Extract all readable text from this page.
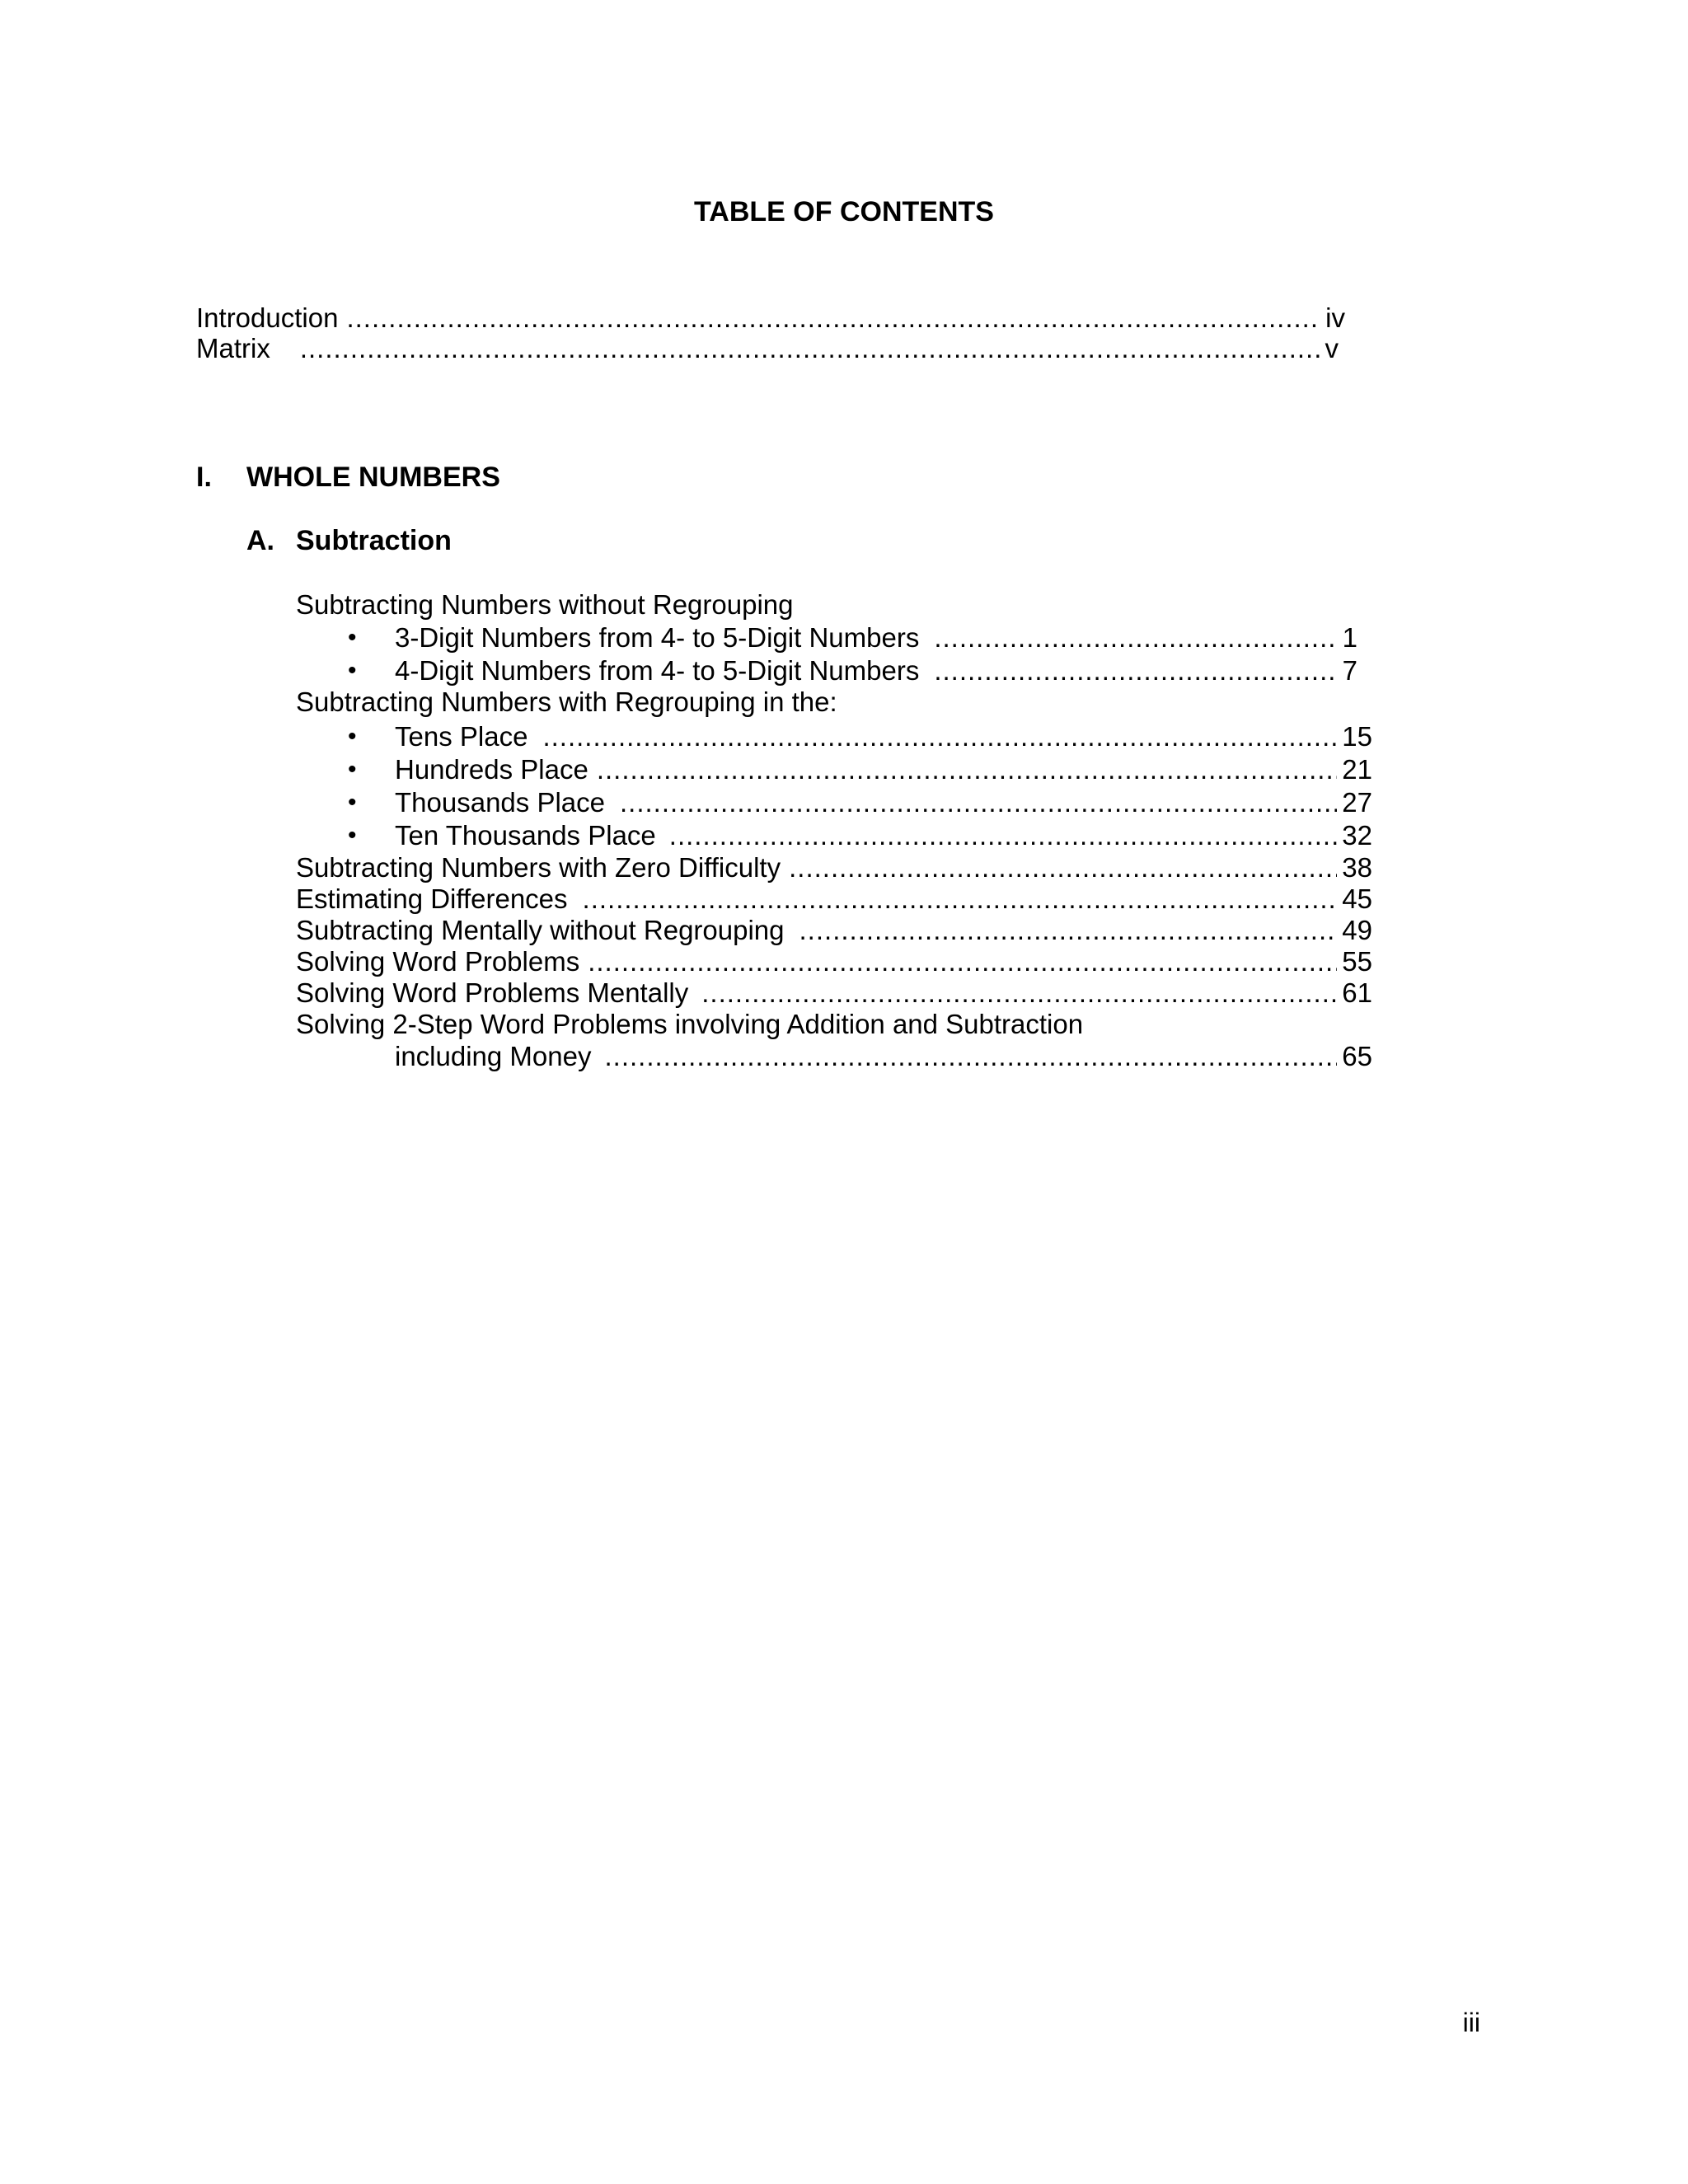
TABLE OF CONTENTS
Introduction .....	iv
Matrix .....	v
I. WHOLE NUMBERS
A. Subtraction
Subtracting Numbers without Regrouping
• 3-Digit Numbers from 4- to 5-Digit Numbers .....	1
• 4-Digit Numbers from 4- to 5-Digit Numbers .....	7
Subtracting Numbers with Regrouping in the:
• Tens Place .....	15
• Hundreds Place .....	21
• Thousands Place .....	27
• Ten Thousands Place .....	32
Subtracting Numbers with Zero Difficulty .....	38
Estimating Differences .....	45
Subtracting Mentally without Regrouping .....	49
Solving Word Problems .....	55
Solving Word Problems Mentally .....	61
Solving 2-Step Word Problems involving Addition and Subtraction
including Money .....	65
iii
